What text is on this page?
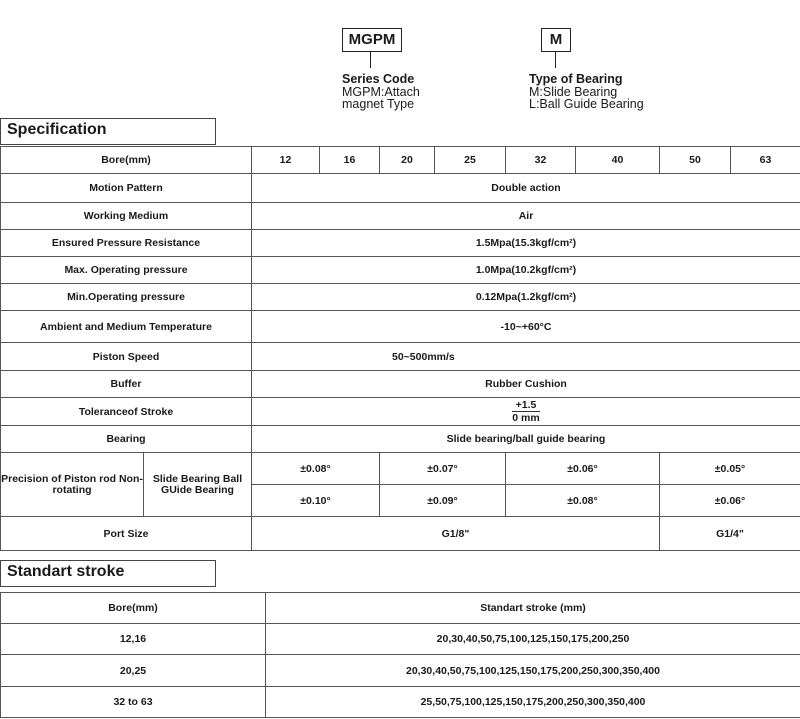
MGPM	M
Series Code
MGPM:Attach
magnet Type
Type of Bearing
M:Slide Bearing
L:Ball Guide Bearing
Specification
Bore(mm)		12	16	20	25	32	40	50	63
Motion Pattern		Double action							
Working Medium		Air							
Ensured Pressure Resistance		1.5Mpa(15.3kgf/cm²)							
Max. Operating pressure		1.0Mpa(10.2kgf/cm²)							
Min.Operating pressure		0.12Mpa(1.2kgf/cm²)							
Ambient and Medium Temperature		-10~+60°C							
Piston Speed		50~500mm/s							
Buffer		Rubber Cushion							
Toleranceof Stroke		$\frac{+1.5}{0 mm}$

Bearing		Slide bearing/ball guide bearing							
Precision of Piston rod Non-rotating	Slide Bearing Ball GUide Bearing	±0.08°		±0.07°		±0.06°		±0.05°	
		±0.10°		±0.09°		±0.08°		±0.06°	
Port Size		G1/8"						G1/4"	
Standart stroke
Bore(mm)	Standart stroke (mm)
12,16	20,30,40,50,75,100,125,150,175,200,250
20,25	20,30,40,50,75,100,125,150,175,200,250,300,350,400
32 to 63	25,50,75,100,125,150,175,200,250,300,350,400
